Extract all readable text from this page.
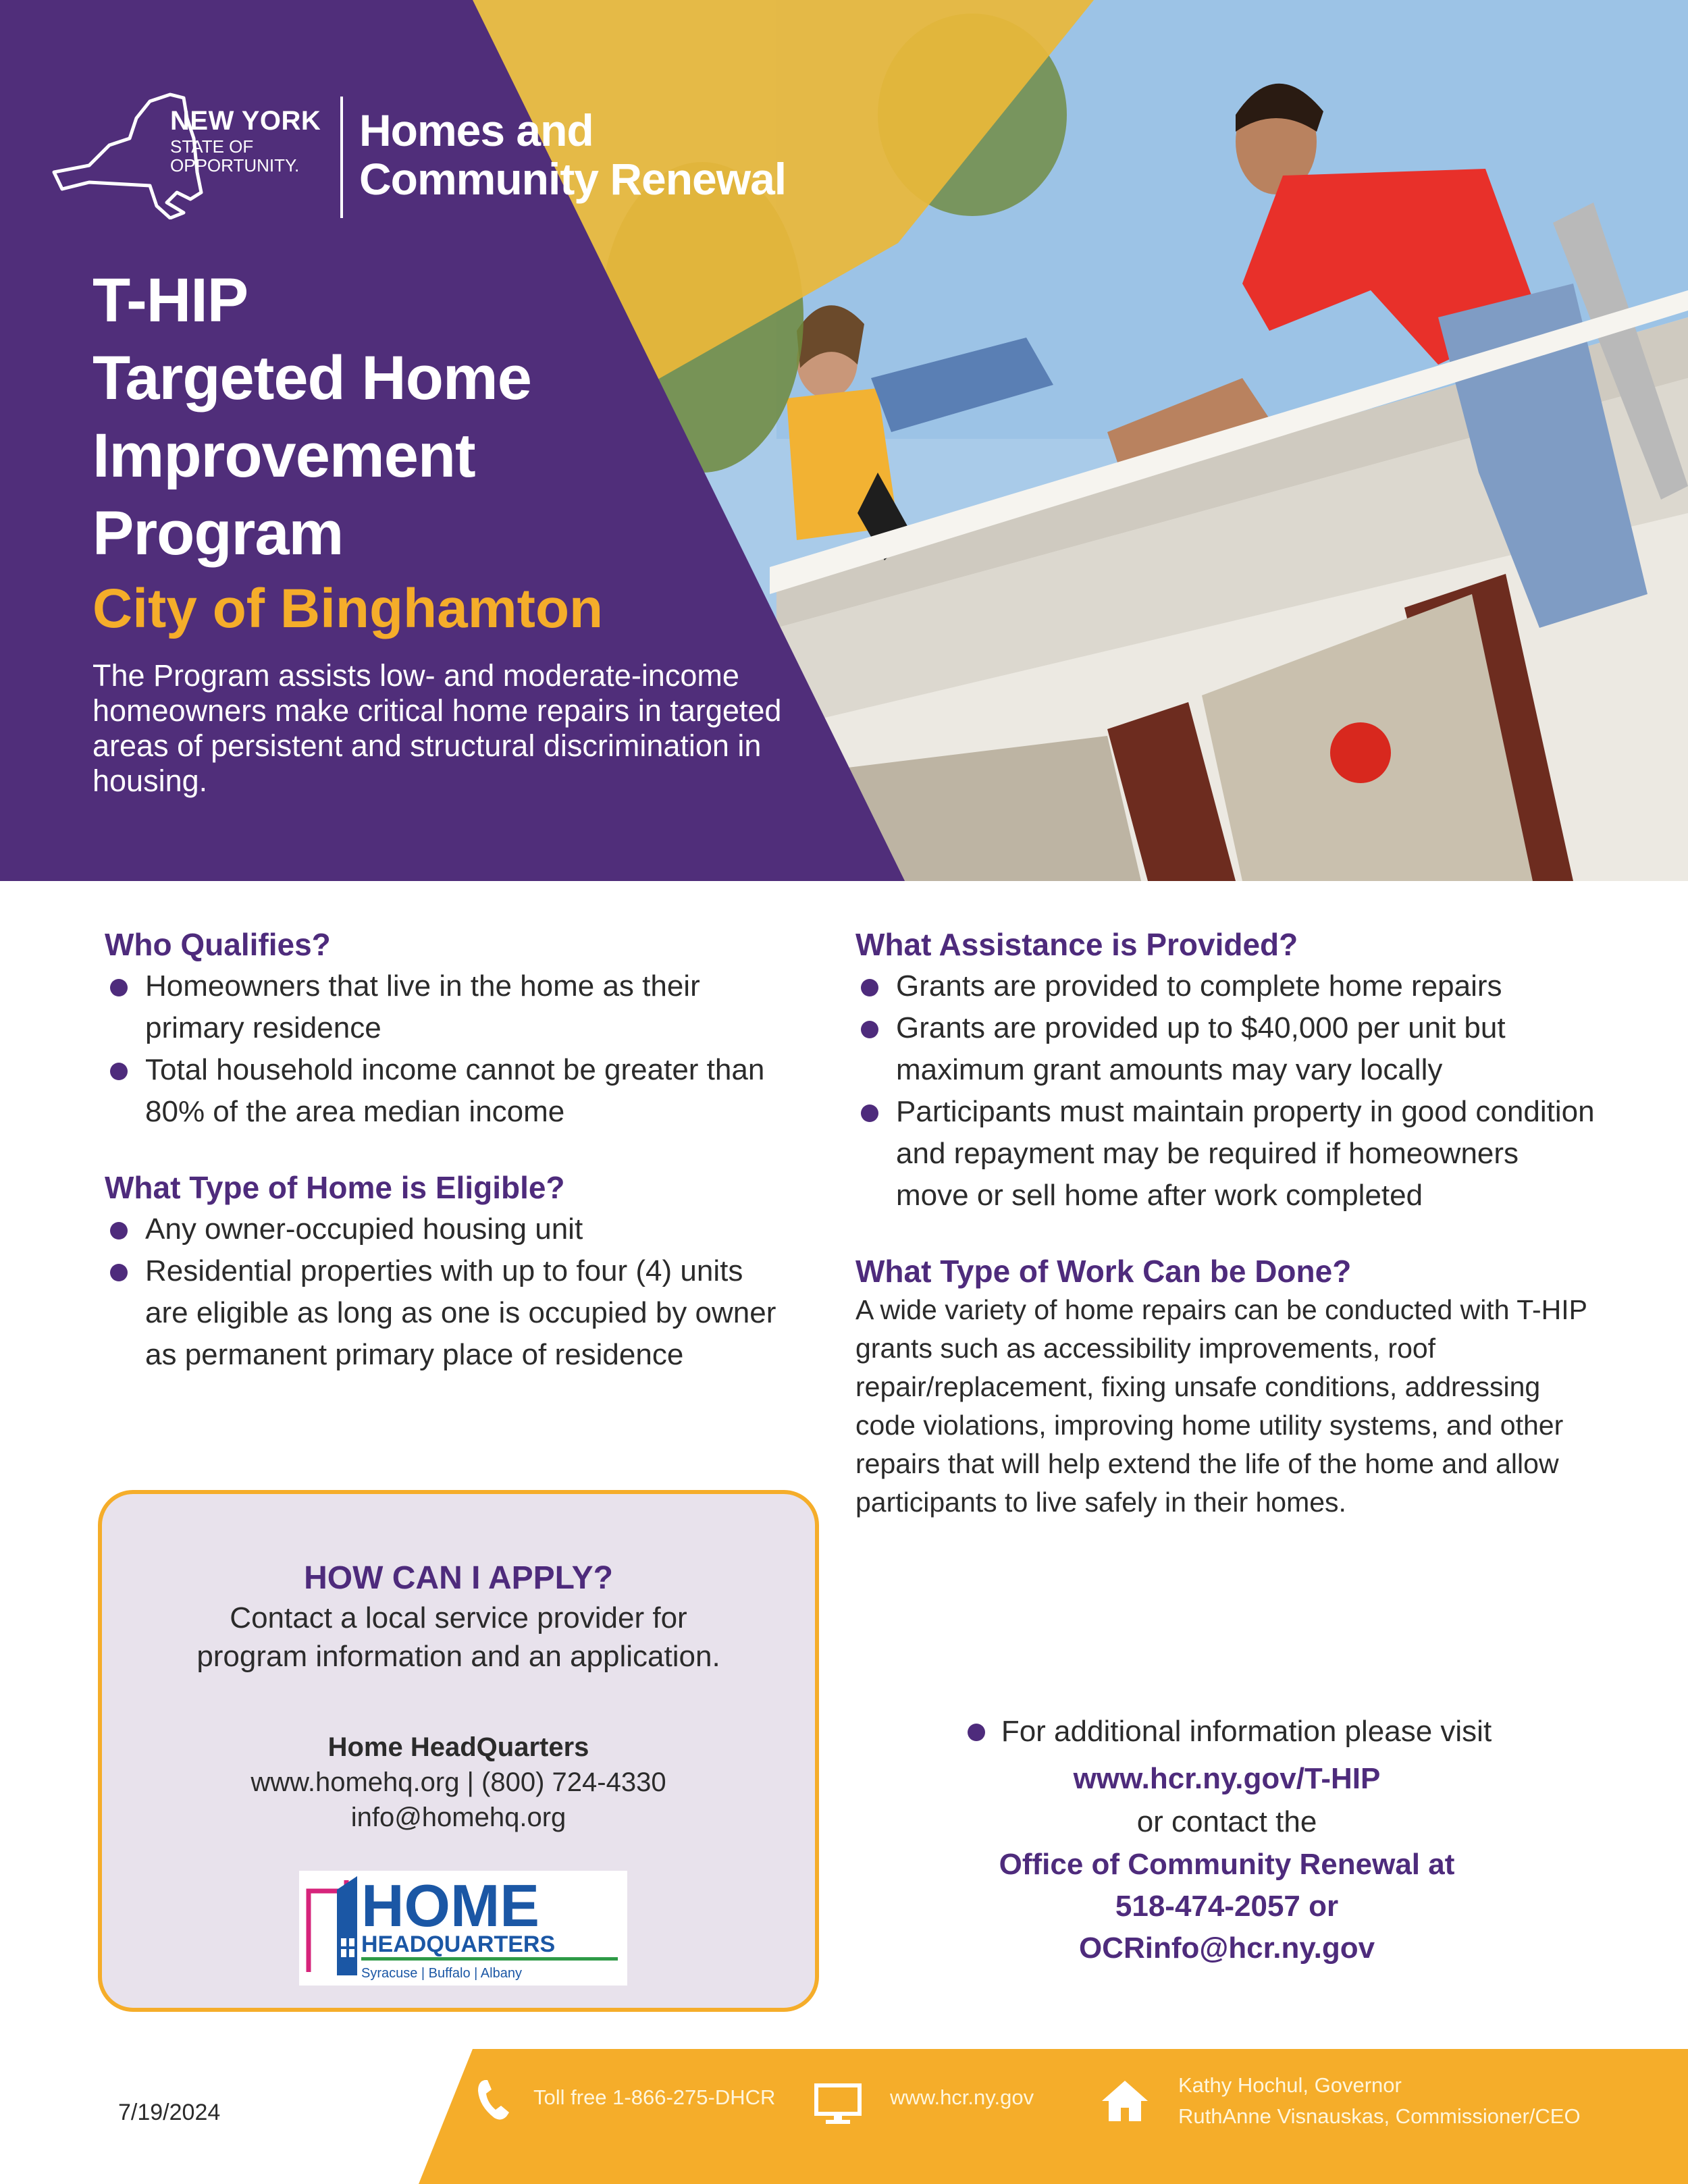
NEW YORK
STATE OF
OPPORTUNITY.
Homes and
Community Renewal
T-HIP
Targeted Home
Improvement
Program
City of Binghamton
The Program assists low- and moderate-income homeowners make critical home repairs in targeted areas of persistent and structural discrimination in housing.
Who Qualifies?
Homeowners that live in the home as their primary residence
Total household income cannot be greater than 80% of the area median income
What Type of Home is Eligible?
Any owner-occupied housing unit
Residential properties with up to four (4) units are eligible as long as one is occupied by owner as permanent primary place of residence
What Assistance is Provided?
Grants are provided to complete home repairs
Grants are provided up to $40,000 per unit but maximum grant amounts may vary locally
Participants must maintain property in good condition and repayment may be required if homeowners move or sell home after work completed
What Type of Work Can be Done?
A wide variety of home repairs can be conducted with T-HIP grants such as accessibility improvements, roof repair/replacement, fixing unsafe conditions, addressing code violations, improving home utility systems, and other repairs that will help extend the life of the home and allow participants to live safely in their homes.
HOW CAN I APPLY?
Contact a local service provider for
program information and an application.
Home HeadQuarters
www.homehq.org | (800) 724-4330
info@homehq.org
HOME
HEADQUARTERS
Syracuse | Buffalo | Albany
For additional information please visit
www.hcr.ny.gov/T-HIP
or contact the
Office of Community Renewal at
518-474-2057 or
OCRinfo@hcr.ny.gov
7/19/2024
Toll free 1-866-275-DHCR	www.hcr.ny.gov
Kathy Hochul, Governor
RuthAnne Visnauskas, Commissioner/CEO
